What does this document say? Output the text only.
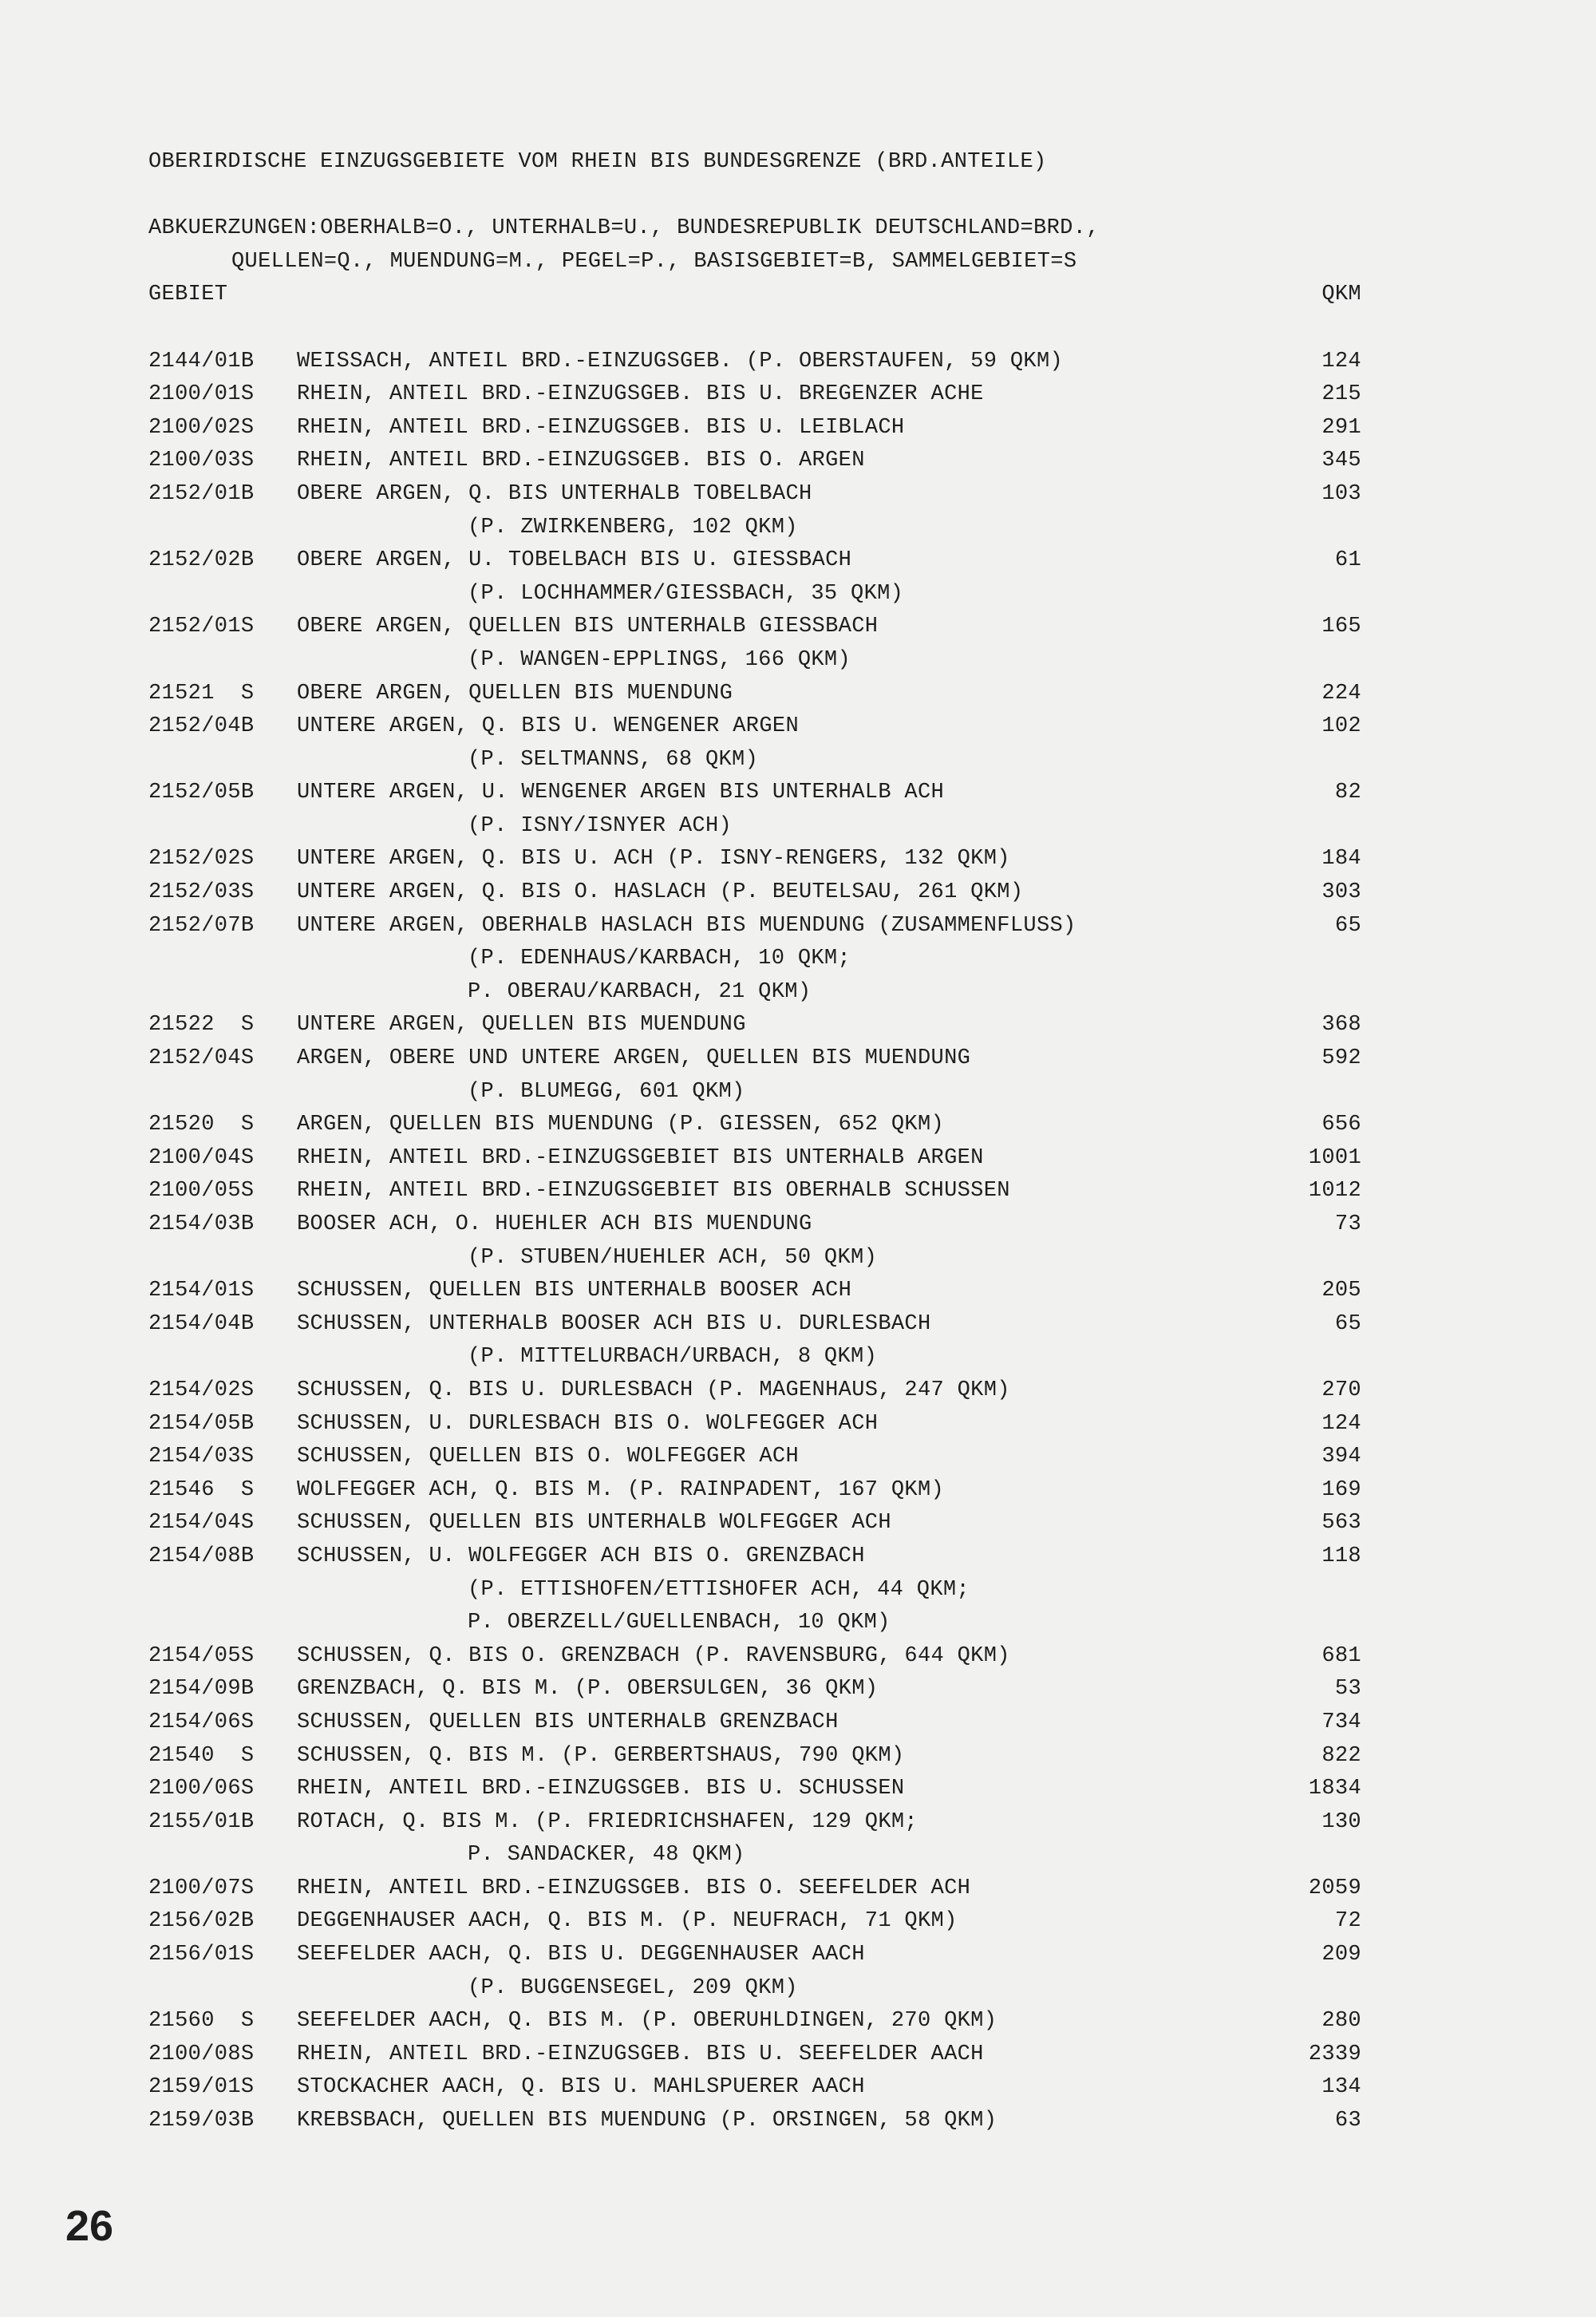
OBERIRDISCHE EINZUGSGEBIETE VOM RHEIN BIS BUNDESGRENZE (BRD.ANTEILE)
ABKUERZUNGEN:OBERHALB=O., UNTERHALB=U., BUNDESREPUBLIK DEUTSCHLAND=BRD.,
QUELLEN=Q., MUENDUNG=M., PEGEL=P., BASISGEBIET=B, SAMMELGEBIET=S
GEBIET	QKM
2144/01B	WEISSACH, ANTEIL BRD.-EINZUGSGEB. (P. OBERSTAUFEN, 59 QKM)	124
2100/01S	RHEIN, ANTEIL BRD.-EINZUGSGEB. BIS U. BREGENZER ACHE	215
2100/02S	RHEIN, ANTEIL BRD.-EINZUGSGEB. BIS U. LEIBLACH	291
2100/03S	RHEIN, ANTEIL BRD.-EINZUGSGEB. BIS O. ARGEN	345
2152/01B	OBERE ARGEN, Q. BIS UNTERHALB TOBELBACH	103
(P. ZWIRKENBERG, 102 QKM)
2152/02B	OBERE ARGEN, U. TOBELBACH BIS U. GIESSBACH	61
(P. LOCHHAMMER/GIESSBACH, 35 QKM)
2152/01S	OBERE ARGEN, QUELLEN BIS UNTERHALB GIESSBACH	165
(P. WANGEN-EPPLINGS, 166 QKM)
21521  S	OBERE ARGEN, QUELLEN BIS MUENDUNG	224
2152/04B	UNTERE ARGEN, Q. BIS U. WENGENER ARGEN	102
(P. SELTMANNS, 68 QKM)
2152/05B	UNTERE ARGEN, U. WENGENER ARGEN BIS UNTERHALB ACH	82
(P. ISNY/ISNYER ACH)
2152/02S	UNTERE ARGEN, Q. BIS U. ACH (P. ISNY-RENGERS, 132 QKM)	184
2152/03S	UNTERE ARGEN, Q. BIS O. HASLACH (P. BEUTELSAU, 261 QKM)	303
2152/07B	UNTERE ARGEN, OBERHALB HASLACH BIS MUENDUNG (ZUSAMMENFLUSS)	65
(P. EDENHAUS/KARBACH, 10 QKM;
P. OBERAU/KARBACH, 21 QKM)
21522  S	UNTERE ARGEN, QUELLEN BIS MUENDUNG	368
2152/04S	ARGEN, OBERE UND UNTERE ARGEN, QUELLEN BIS MUENDUNG	592
(P. BLUMEGG, 601 QKM)
21520  S	ARGEN, QUELLEN BIS MUENDUNG (P. GIESSEN, 652 QKM)	656
2100/04S	RHEIN, ANTEIL BRD.-EINZUGSGEBIET BIS UNTERHALB ARGEN	1001
2100/05S	RHEIN, ANTEIL BRD.-EINZUGSGEBIET BIS OBERHALB SCHUSSEN	1012
2154/03B	BOOSER ACH, O. HUEHLER ACH BIS MUENDUNG	73
(P. STUBEN/HUEHLER ACH, 50 QKM)
2154/01S	SCHUSSEN, QUELLEN BIS UNTERHALB BOOSER ACH	205
2154/04B	SCHUSSEN, UNTERHALB BOOSER ACH BIS U. DURLESBACH	65
(P. MITTELURBACH/URBACH, 8 QKM)
2154/02S	SCHUSSEN, Q. BIS U. DURLESBACH (P. MAGENHAUS, 247 QKM)	270
2154/05B	SCHUSSEN, U. DURLESBACH BIS O. WOLFEGGER ACH	124
2154/03S	SCHUSSEN, QUELLEN BIS O. WOLFEGGER ACH	394
21546  S	WOLFEGGER ACH, Q. BIS M. (P. RAINPADENT, 167 QKM)	169
2154/04S	SCHUSSEN, QUELLEN BIS UNTERHALB WOLFEGGER ACH	563
2154/08B	SCHUSSEN, U. WOLFEGGER ACH BIS O. GRENZBACH	118
(P. ETTISHOFEN/ETTISHOFER ACH, 44 QKM;
P. OBERZELL/GUELLENBACH, 10 QKM)
2154/05S	SCHUSSEN, Q. BIS O. GRENZBACH (P. RAVENSBURG, 644 QKM)	681
2154/09B	GRENZBACH, Q. BIS M. (P. OBERSULGEN, 36 QKM)	53
2154/06S	SCHUSSEN, QUELLEN BIS UNTERHALB GRENZBACH	734
21540  S	SCHUSSEN, Q. BIS M. (P. GERBERTSHAUS, 790 QKM)	822
2100/06S	RHEIN, ANTEIL BRD.-EINZUGSGEB. BIS U. SCHUSSEN	1834
2155/01B	ROTACH, Q. BIS M. (P. FRIEDRICHSHAFEN, 129 QKM;	130
P. SANDACKER, 48 QKM)
2100/07S	RHEIN, ANTEIL BRD.-EINZUGSGEB. BIS O. SEEFELDER ACH	2059
2156/02B	DEGGENHAUSER AACH, Q. BIS M. (P. NEUFRACH, 71 QKM)	72
2156/01S	SEEFELDER AACH, Q. BIS U. DEGGENHAUSER AACH	209
(P. BUGGENSEGEL, 209 QKM)
21560  S	SEEFELDER AACH, Q. BIS M. (P. OBERUHLDINGEN, 270 QKM)	280
2100/08S	RHEIN, ANTEIL BRD.-EINZUGSGEB. BIS U. SEEFELDER AACH	2339
2159/01S	STOCKACHER AACH, Q. BIS U. MAHLSPUERER AACH	134
2159/03B	KREBSBACH, QUELLEN BIS MUENDUNG (P. ORSINGEN, 58 QKM)	63
26
